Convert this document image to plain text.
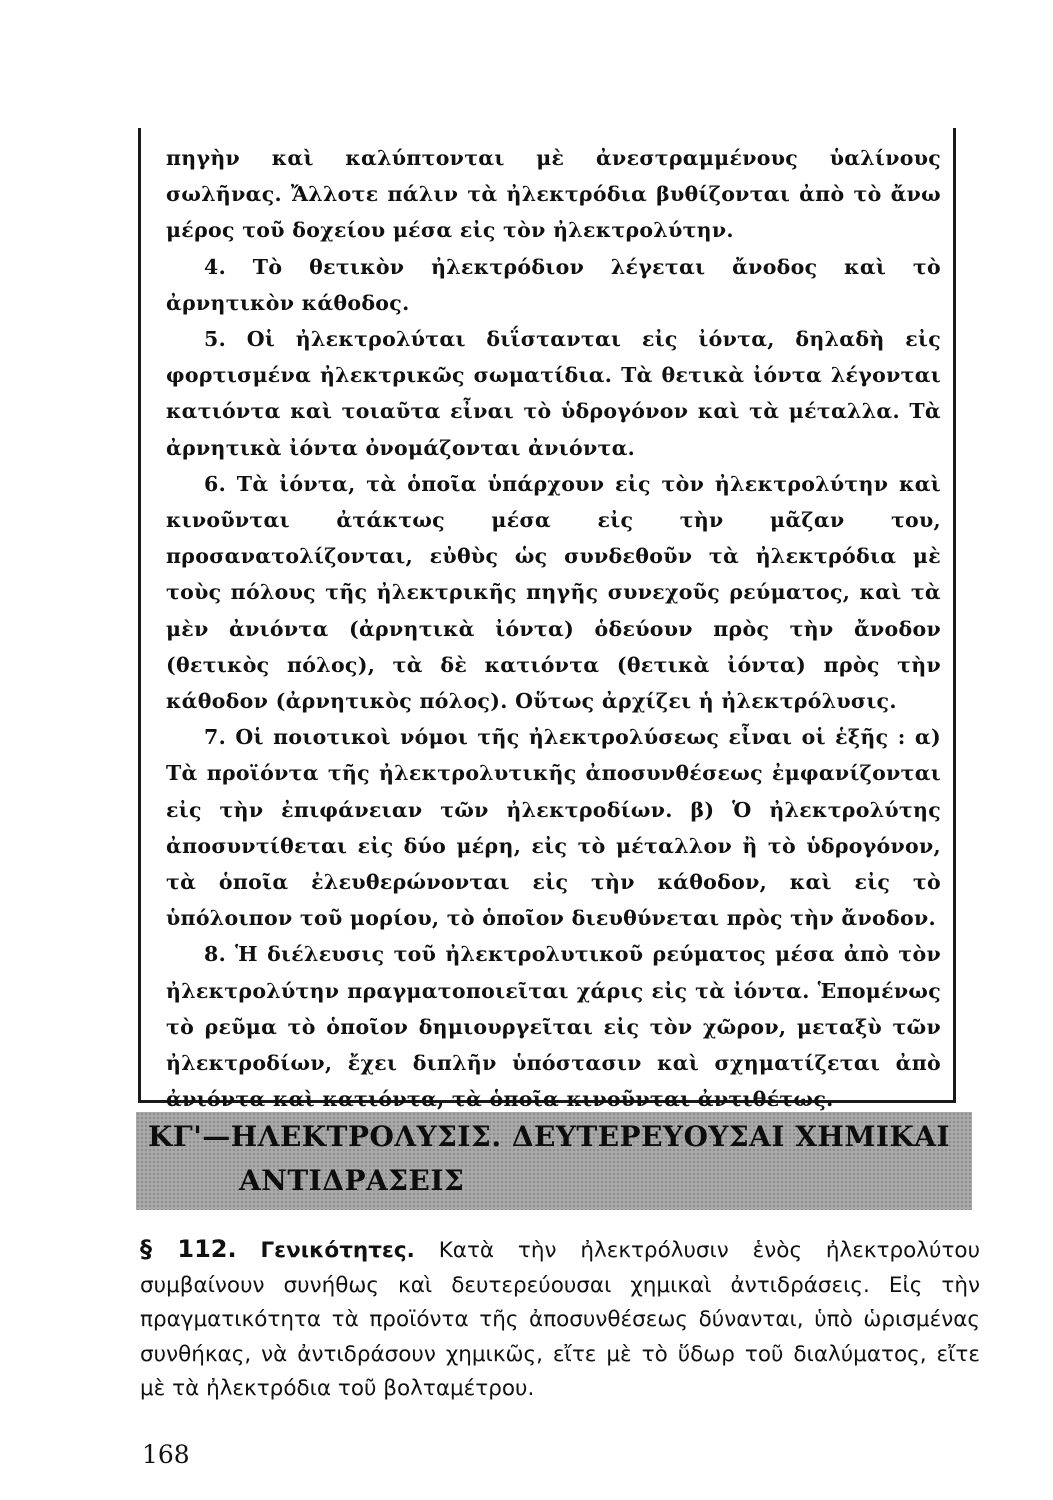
πηγὴν καὶ καλύπτονται μὲ ἀνεστραμμένους ὑαλίνους σωλῆνας. Ἄλλοτε πάλιν τὰ ἠλεκτρόδια βυθίζονται ἀπὸ τὸ ἄνω μέρος τοῦ δοχείου μέσα εἰς τὸν ἠλεκτρολύτην.

4. Τὸ θετικὸν ἠλεκτρόδιον λέγεται ἄνοδος καὶ τὸ ἀρνητικὸν κάθοδος.

5. Οἱ ἠλεκτρολύται διΐστανται εἰς ἰόντα, δηλαδὴ εἰς φορτισμένα ἠλεκτρικῶς σωματίδια. Τὰ θετικὰ ἰόντα λέγονται κατιόντα καὶ τοιαῦτα εἶναι τὸ ὑδρογόνον καὶ τὰ μέταλλα. Τὰ ἀρνητικὰ ἰόντα ὀνομάζονται ἀνιόντα.

6. Τὰ ἰόντα, τὰ ὁποῖα ὑπάρχουν εἰς τὸν ἠλεκτρολύτην καὶ κινοῦνται ἀτάκτως μέσα εἰς τὴν μᾶζαν του, προσανατολίζονται, εὐθὺς ὡς συνδεθοῦν τὰ ἠλεκτρόδια μὲ τοὺς πόλους τῆς ἠλεκτρικῆς πηγῆς συνεχοῦς ρεύματος, καὶ τὰ μὲν ἀνιόντα (ἀρνητικὰ ἰόντα) ὁδεύουν πρὸς τὴν ἄνοδον (θετικὸς πόλος), τὰ δὲ κατιόντα (θετικὰ ἰόντα) πρὸς τὴν κάθοδον (ἀρνητικὸς πόλος). Οὕτως ἀρχίζει ἡ ἠλεκτρόλυσις.

7. Οἱ ποιοτικοὶ νόμοι τῆς ἠλεκτρολύσεως εἶναι οἱ ἑξῆς : α) Τὰ προϊόντα τῆς ἠλεκτρολυτικῆς ἀποσυνθέσεως ἐμφανίζονται εἰς τὴν ἐπιφάνειαν τῶν ἠλεκτροδίων. β) Ὁ ἠλεκτρολύτης ἀποσυντίθεται εἰς δύο μέρη, εἰς τὸ μέταλλον ἢ τὸ ὑδρογόνον, τὰ ὁποῖα ἐλευθερώνονται εἰς τὴν κάθοδον, καὶ εἰς τὸ ὑπόλοιπον τοῦ μορίου, τὸ ὁποῖον διευθύνεται πρὸς τὴν ἄνοδον.

8. Ἡ διέλευσις τοῦ ἠλεκτρολυτικοῦ ρεύματος μέσα ἀπὸ τὸν ἠλεκτρολύτην πραγματοποιεῖται χάρις εἰς τὰ ἰόντα. Ἑπομένως τὸ ρεῦμα τὸ ὁποῖον δημιουργεῖται εἰς τὸν χῶρον, μεταξὺ τῶν ἠλεκτροδίων, ἔχει διπλῆν ὑπόστασιν καὶ σχηματίζεται ἀπὸ ἀνιόντα καὶ κατιόντα, τὰ ὁποῖα κινοῦνται ἀντιθέτως.

ΚΓ'—ΗΛΕΚΤΡΟΛΥΣΙΣ. ΔΕΥΤΕΡΕΥΟΥΣΑΙ ΧΗΜΙΚΑΙ
ΑΝΤΙΔΡΑΣΕΙΣ
§ 112. Γενικότητες. Κατὰ τὴν ἠλεκτρόλυσιν ἑνὸς ἠλεκτρολύτου συμβαίνουν συνήθως καὶ δευτερεύουσαι χημικαὶ ἀντιδράσεις. Εἰς τὴν πραγματικότητα τὰ προϊόντα τῆς ἀποσυνθέσεως δύνανται, ὑπὸ ὡρισμένας συνθήκας, νὰ ἀντιδράσουν χημικῶς, εἴτε μὲ τὸ ὕδωρ τοῦ διαλύματος, εἴτε μὲ τὰ ἠλεκτρόδια τοῦ βολταμέτρου.
168
